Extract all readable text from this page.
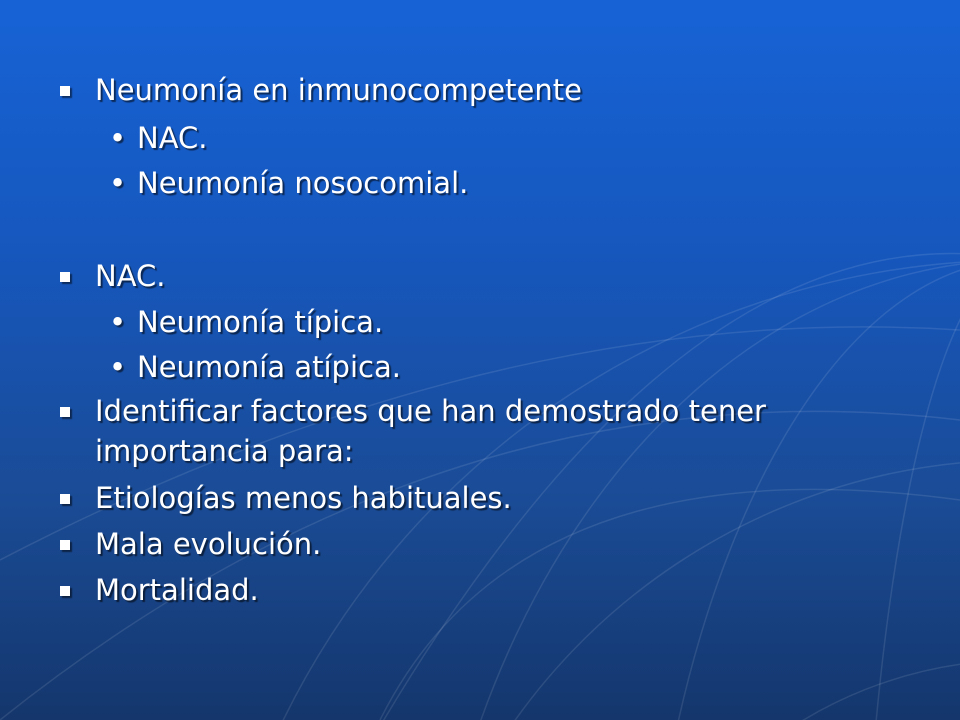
Neumonía en inmunocompetente
• NAC.
• Neumonía nosocomial.
NAC.
• Neumonía típica.
• Neumonía atípica.
Identificar factores que han demostrado tener
importancia para:
Etiologías menos habituales.
Mala evolución.
Mortalidad.
